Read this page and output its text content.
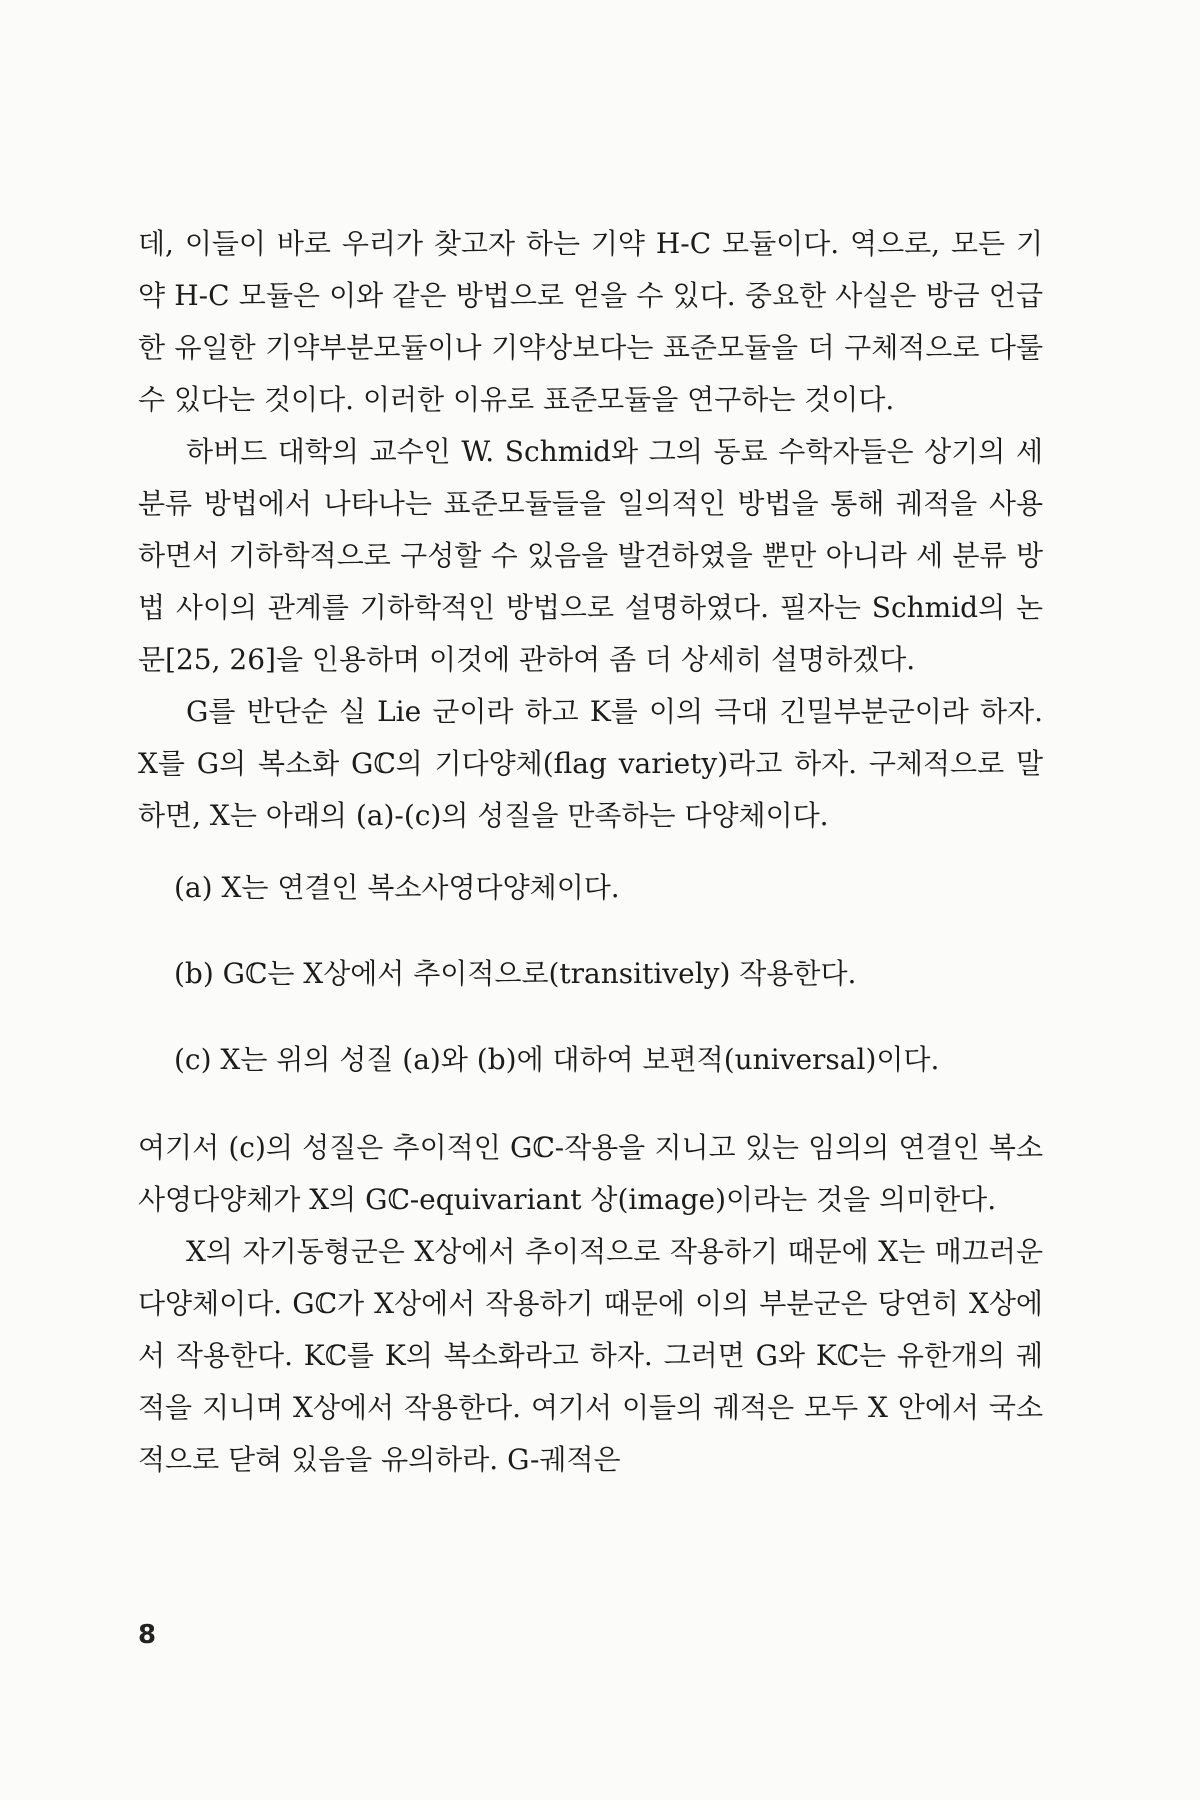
데, 이들이 바로 우리가 찾고자 하는 기약 H-C 모듈이다. 역으로, 모든 기약 H-C 모듈은 이와 같은 방법으로 얻을 수 있다. 중요한 사실은 방금 언급한 유일한 기약부분모듈이나 기약상보다는 표준모듈을 더 구체적으로 다룰 수 있다는 것이다. 이러한 이유로 표준모듈을 연구하는 것이다.

하버드 대학의 교수인 W. Schmid와 그의 동료 수학자들은 상기의 세 분류 방법에서 나타나는 표준모듈들을 일의적인 방법을 통해 궤적을 사용하면서 기하학적으로 구성할 수 있음을 발견하였을 뿐만 아니라 세 분류 방법 사이의 관계를 기하학적인 방법으로 설명하였다. 필자는 Schmid의 논문[25, 26]을 인용하며 이것에 관하여 좀 더 상세히 설명하겠다.

G를 반단순 실 Lie 군이라 하고 K를 이의 극대 긴밀부분군이라 하자. X를 G의 복소화 Gℂ의 기다양체(flag variety)라고 하자. 구체적으로 말하면, X는 아래의 (a)-(c)의 성질을 만족하는 다양체이다.

(a) X는 연결인 복소사영다양체이다.

(b) Gℂ는 X상에서 추이적으로(transitively) 작용한다.

(c) X는 위의 성질 (a)와 (b)에 대하여 보편적(universal)이다.

여기서 (c)의 성질은 추이적인 Gℂ-작용을 지니고 있는 임의의 연결인 복소 사영다양체가 X의 Gℂ-equivariant 상(image)이라는 것을 의미한다.

X의 자기동형군은 X상에서 추이적으로 작용하기 때문에 X는 매끄러운 다양체이다. Gℂ가 X상에서 작용하기 때문에 이의 부분군은 당연히 X상에서 작용한다. Kℂ를 K의 복소화라고 하자. 그러면 G와 Kℂ는 유한개의 궤적을 지니며 X상에서 작용한다. 여기서 이들의 궤적은 모두 X 안에서 국소적으로 닫혀 있음을 유의하라. G-궤적은

8
